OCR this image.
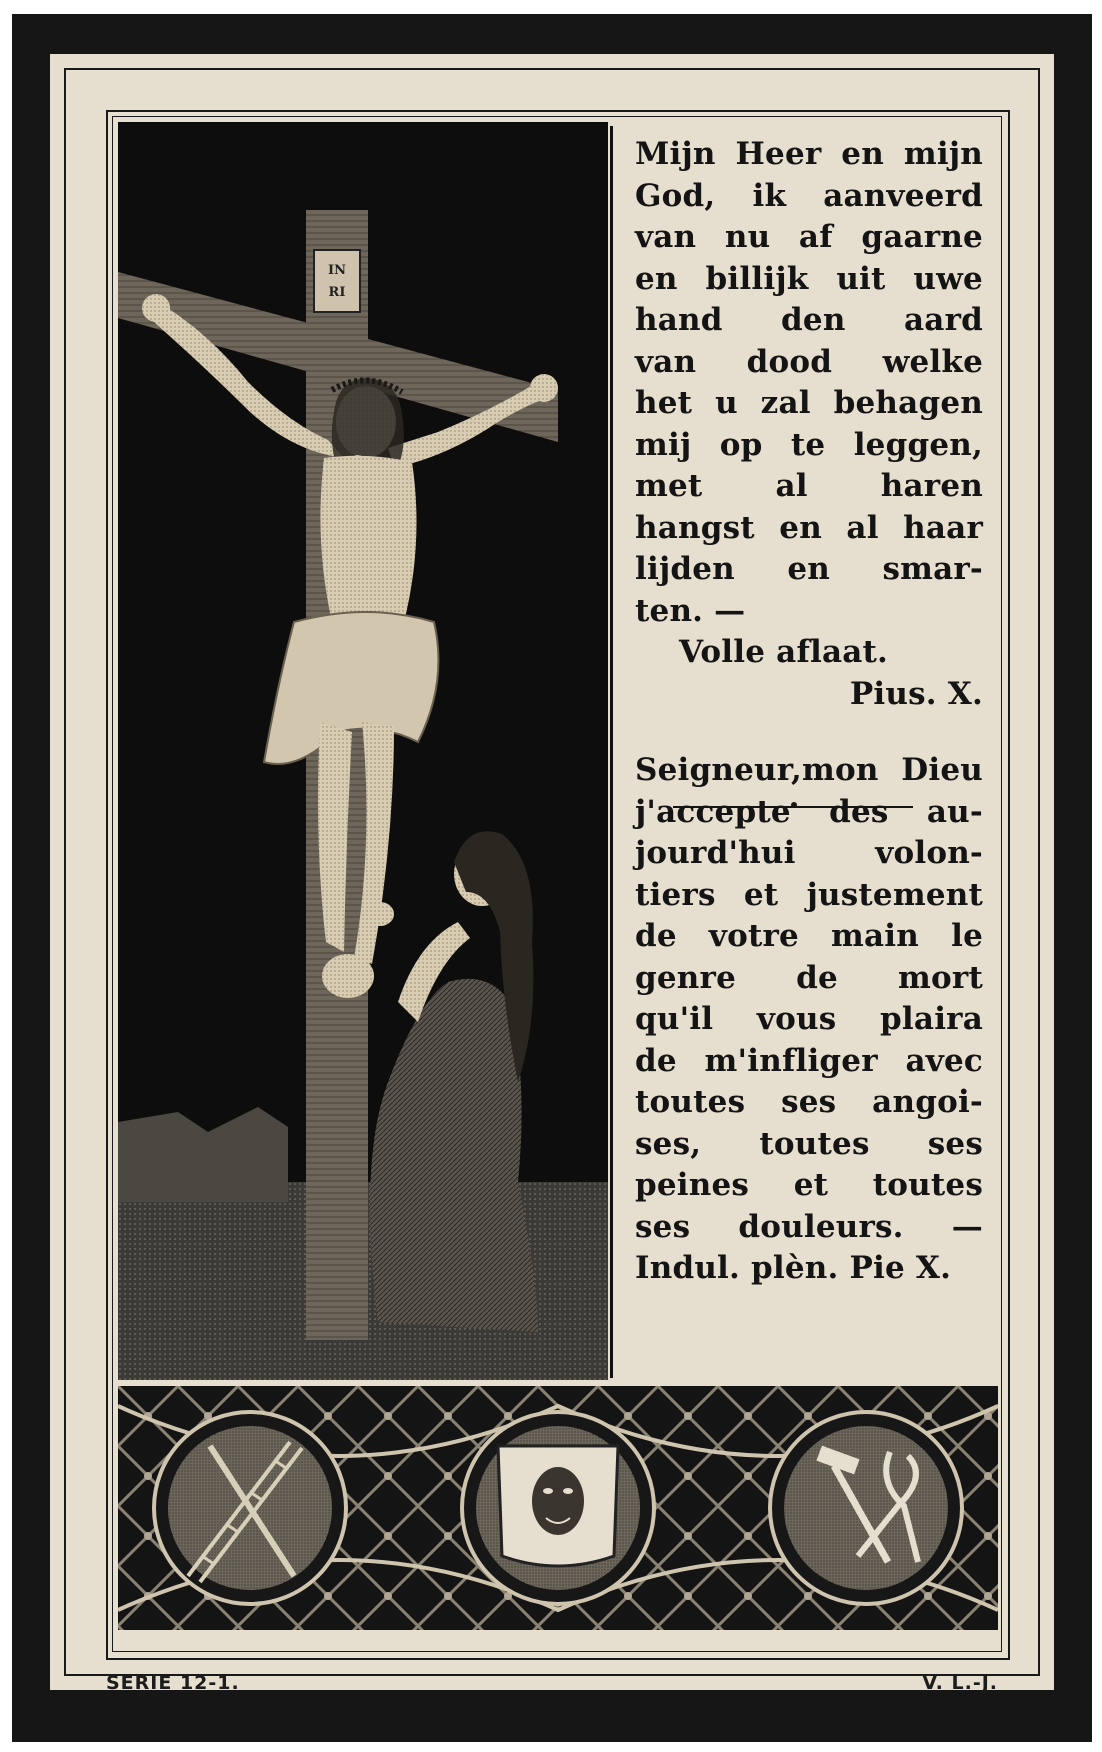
IN
RI
Mijn Heer en mijn
God, ik aanveerd
van nu af gaarne
en billijk uit uwe
hand den aard
van dood welke
het u zal behagen
mij op te leggen,
met al haren
hangst en al haar
lijden en smar-
ten. —
Volle aflaat.
Pius. X.
Seigneur,mon Dieu
j'accepte des au-
jourd'hui volon-
tiers et justement
de votre main le
genre de mort
qu'il vous plaira
de m'infliger avec
toutes ses angoi-
ses, toutes ses
peines et toutes
ses douleurs. —
Indul. plèn. Pie X.
SERIE 12-1.	V. L.-J.
